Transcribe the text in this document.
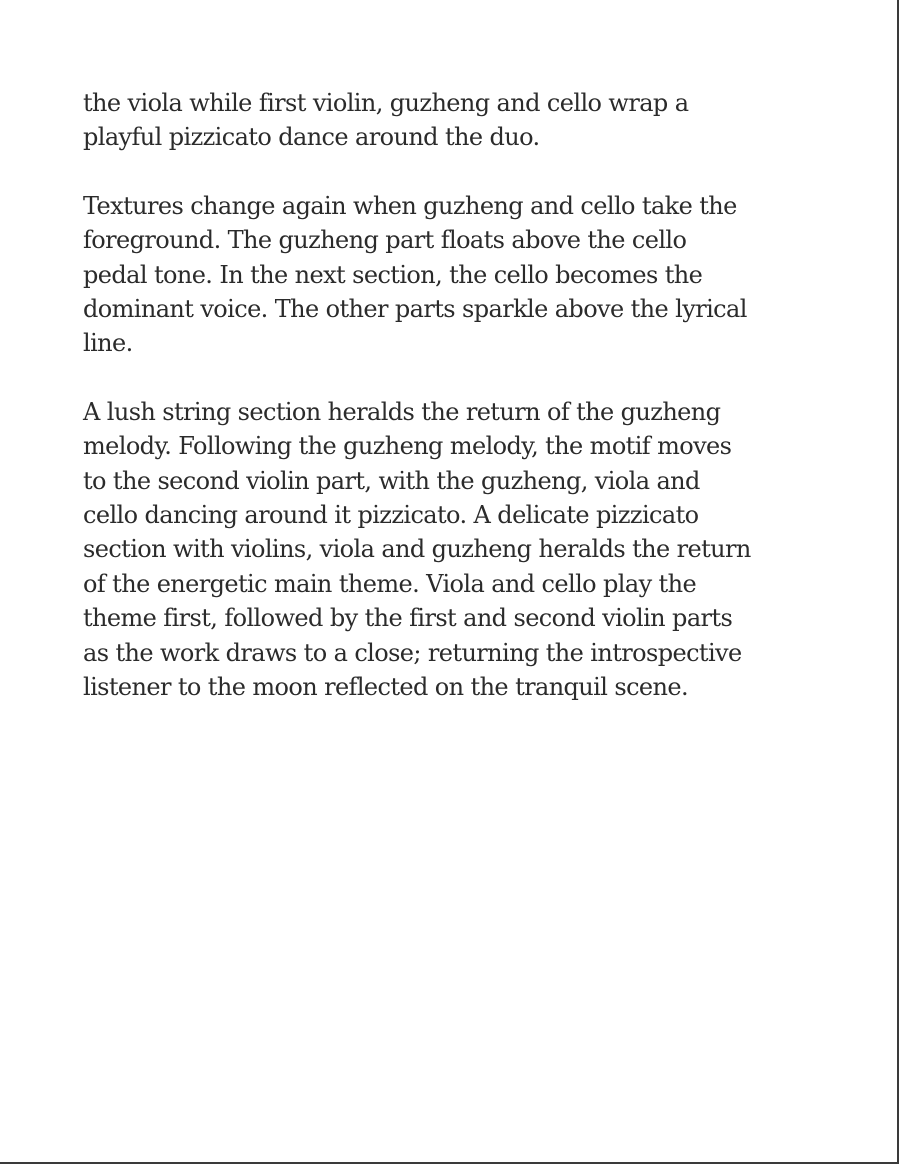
the viola while first violin, guzheng and cello wrap a
playful pizzicato dance around the duo.

Textures change again when guzheng and cello take the
foreground. The guzheng part floats above the cello
pedal tone. In the next section, the cello becomes the
dominant voice. The other parts sparkle above the lyrical
line.

A lush string section heralds the return of the guzheng
melody. Following the guzheng melody, the motif moves
to the second violin part, with the guzheng, viola and
cello dancing around it pizzicato. A delicate pizzicato
section with violins, viola and guzheng heralds the return
of the energetic main theme. Viola and cello play the
theme first, followed by the first and second violin parts
as the work draws to a close; returning the introspective
listener to the moon reflected on the tranquil scene.
